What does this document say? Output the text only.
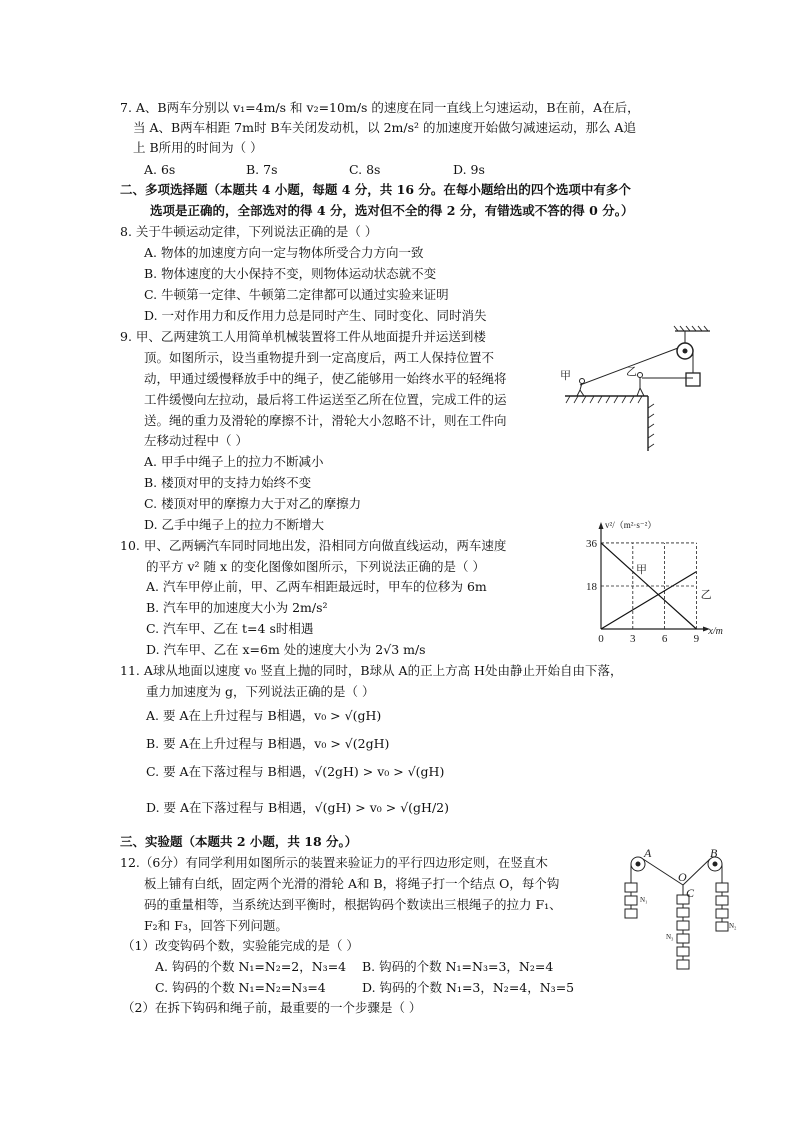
7. A、B两车分别以 v₁=4m/s 和 v₂=10m/s 的速度在同一直线上匀速运动，B在前，A在后，
当 A、B两车相距 7m时 B车关闭发动机，以 2m/s² 的加速度开始做匀减速运动，那么 A追
上 B所用的时间为（ ）
A. 6s	B. 7s	C. 8s	D. 9s
二、多项选择题（本题共 4 小题，每题 4 分，共 16 分。在每小题给出的四个选项中有多个
选项是正确的，全部选对的得 4 分，选对但不全的得 2 分，有错选或不答的得 0 分。）
8. 关于牛顿运动定律，下列说法正确的是（ ）
A. 物体的加速度方向一定与物体所受合力方向一致
B. 物体速度的大小保持不变，则物体运动状态就不变
C. 牛顿第一定律、牛顿第二定律都可以通过实验来证明
D. 一对作用力和反作用力总是同时产生、同时变化、同时消失
9. 甲、乙两建筑工人用简单机械装置将工件从地面提升并运送到楼
顶。如图所示，设当重物提升到一定高度后，两工人保持位置不
动，甲通过缓慢释放手中的绳子，使乙能够用一始终水平的轻绳将
工件缓慢向左拉动，最后将工件运送至乙所在位置，完成工件的运
送。绳的重力及滑轮的摩擦不计，滑轮大小忽略不计，则在工件向
左移动过程中（ ）
A. 甲手中绳子上的拉力不断减小
B. 楼顶对甲的支持力始终不变
C. 楼顶对甲的摩擦力大于对乙的摩擦力
D. 乙手中绳子上的拉力不断增大
甲	乙
10. 甲、乙两辆汽车同时同地出发，沿相同方向做直线运动，两车速度
的平方 v² 随 x 的变化图像如图所示，下列说法正确的是（ ）
A. 汽车甲停止前，甲、乙两车相距最远时，甲车的位移为 6m
B. 汽车甲的加速度大小为 2m/s²
C. 汽车甲、乙在 t=4 s时相遇
D. 汽车甲、乙在 x=6m 处的速度大小为 2√3 m/s
0 3 6 9
18
36
v²/（m²·s⁻²）
x/m
甲
乙
11. A球从地面以速度 v₀ 竖直上抛的同时，B球从 A的正上方高 H处由静止开始自由下落，
重力加速度为 g，下列说法正确的是（ ）
A. 要 A在上升过程与 B相遇，v₀ > √(gH)
B. 要 A在上升过程与 B相遇，v₀ > √(2gH)
C. 要 A在下落过程与 B相遇，√(2gH) > v₀ > √(gH)
D. 要 A在下落过程与 B相遇，√(gH) > v₀ > √(gH/2)
三、实验题（本题共 2 小题，共 18 分。）
12.（6分）有同学利用如图所示的装置来验证力的平行四边形定则，在竖直木
板上铺有白纸，固定两个光滑的滑轮 A和 B，将绳子打一个结点 O，每个钩
码的重量相等，当系统达到平衡时，根据钩码个数读出三根绳子的拉力 F₁、
F₂和 F₃，回答下列问题。
（1）改变钩码个数，实验能完成的是（ ）
A. 钩码的个数 N₁=N₂=2，N₃=4 B. 钩码的个数 N₁=N₃=3，N₂=4
C. 钩码的个数 N₁=N₂=N₃=4	D. 钩码的个数 N₁=3，N₂=4，N₃=5
（2）在拆下钩码和绳子前，最重要的一个步骤是（ ）
A	B
O
C
N₁
N₂
N₃
